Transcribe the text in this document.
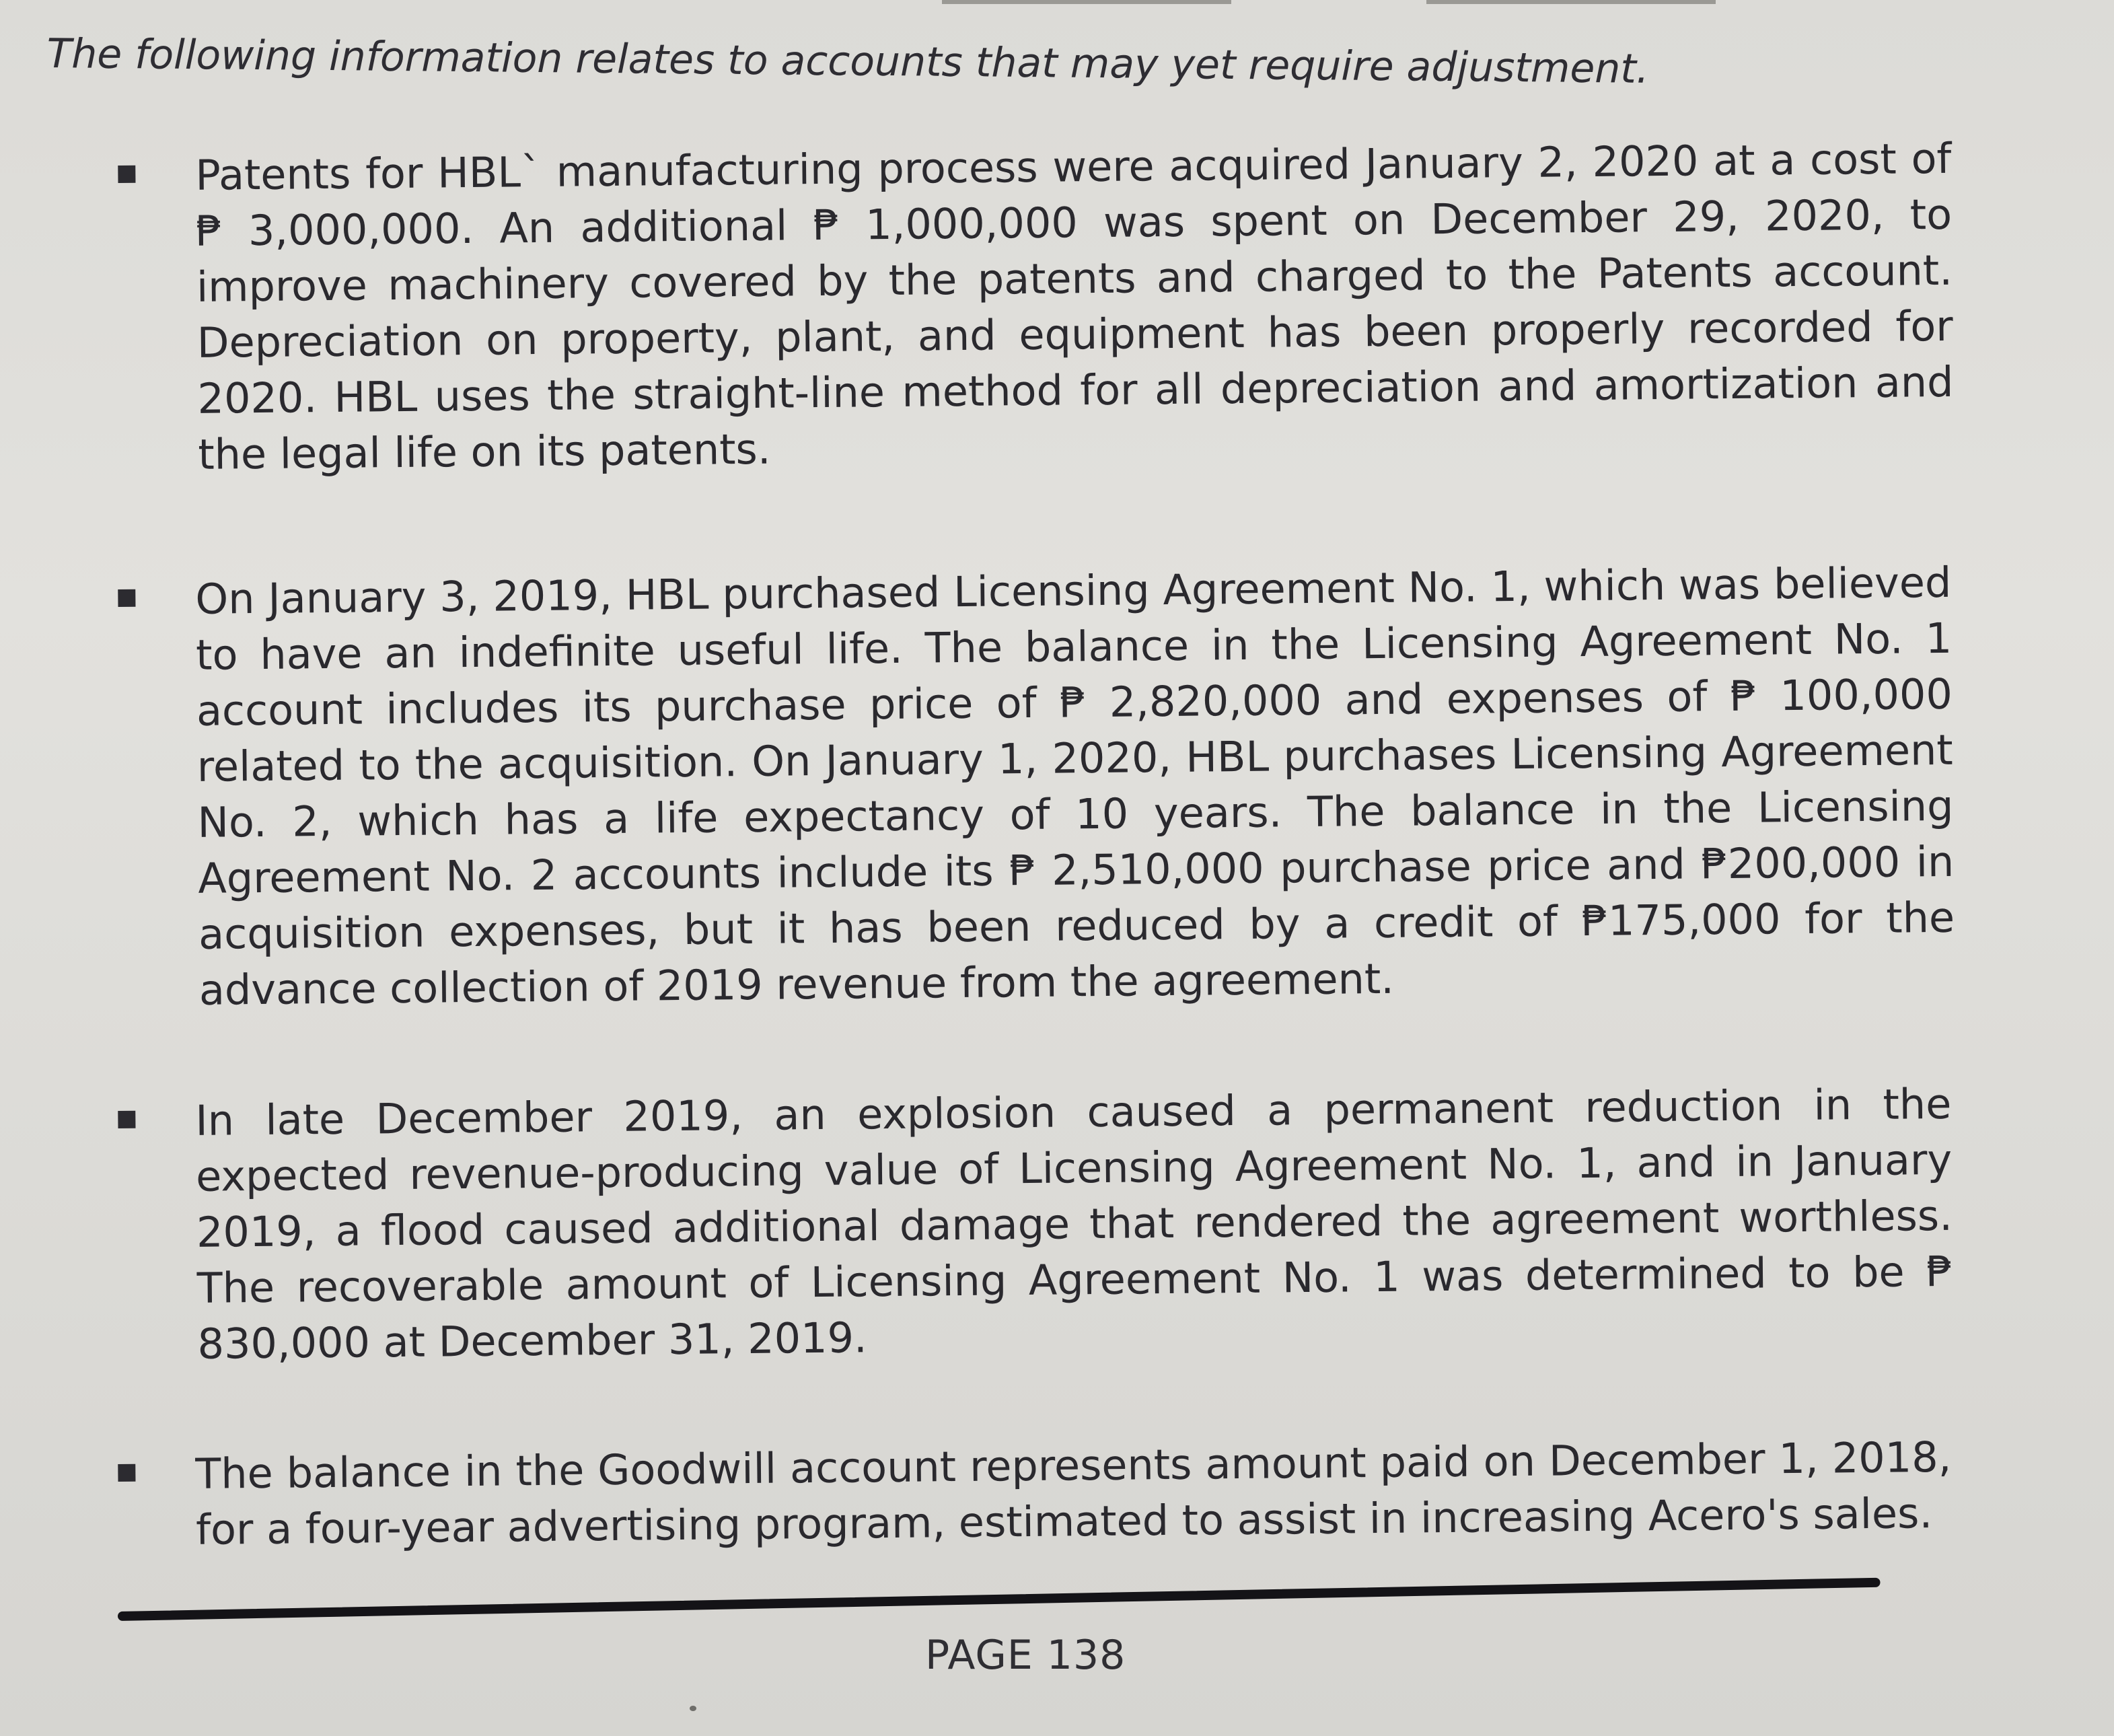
The following information relates to accounts that may yet require adjustment.
Patents for HBL` manufacturing process were acquired January 2, 2020 at a cost of ₱ 3,000,000. An additional ₱ 1,000,000 was spent on December 29, 2020, to improve machinery covered by the patents and charged to the Patents account. Depreciation on property, plant, and equipment has been properly recorded for 2020. HBL uses the straight-line method for all depreciation and amortization and the legal life on its patents.
On January 3, 2019, HBL purchased Licensing Agreement No. 1, which was believed to have an indefinite useful life. The balance in the Licensing Agreement No. 1 account includes its purchase price of ₱ 2,820,000 and expenses of ₱ 100,000 related to the acquisition. On January 1, 2020, HBL purchases Licensing Agreement No. 2, which has a life expectancy of 10 years. The balance in the Licensing Agreement No. 2 accounts include its ₱ 2,510,000 purchase price and ₱200,000 in acquisition expenses, but it has been reduced by a credit of ₱175,000 for the advance collection of 2019 revenue from the agreement.
In late December 2019, an explosion caused a permanent reduction in the expected revenue-producing value of Licensing Agreement No. 1, and in January 2019, a flood caused additional damage that rendered the agreement worthless. The recoverable amount of Licensing Agreement No. 1 was determined to be ₱ 830,000 at December 31, 2019.
The balance in the Goodwill account represents amount paid on December 1, 2018, for a four-year advertising program, estimated to assist in increasing Acero's sales.
PAGE 138
